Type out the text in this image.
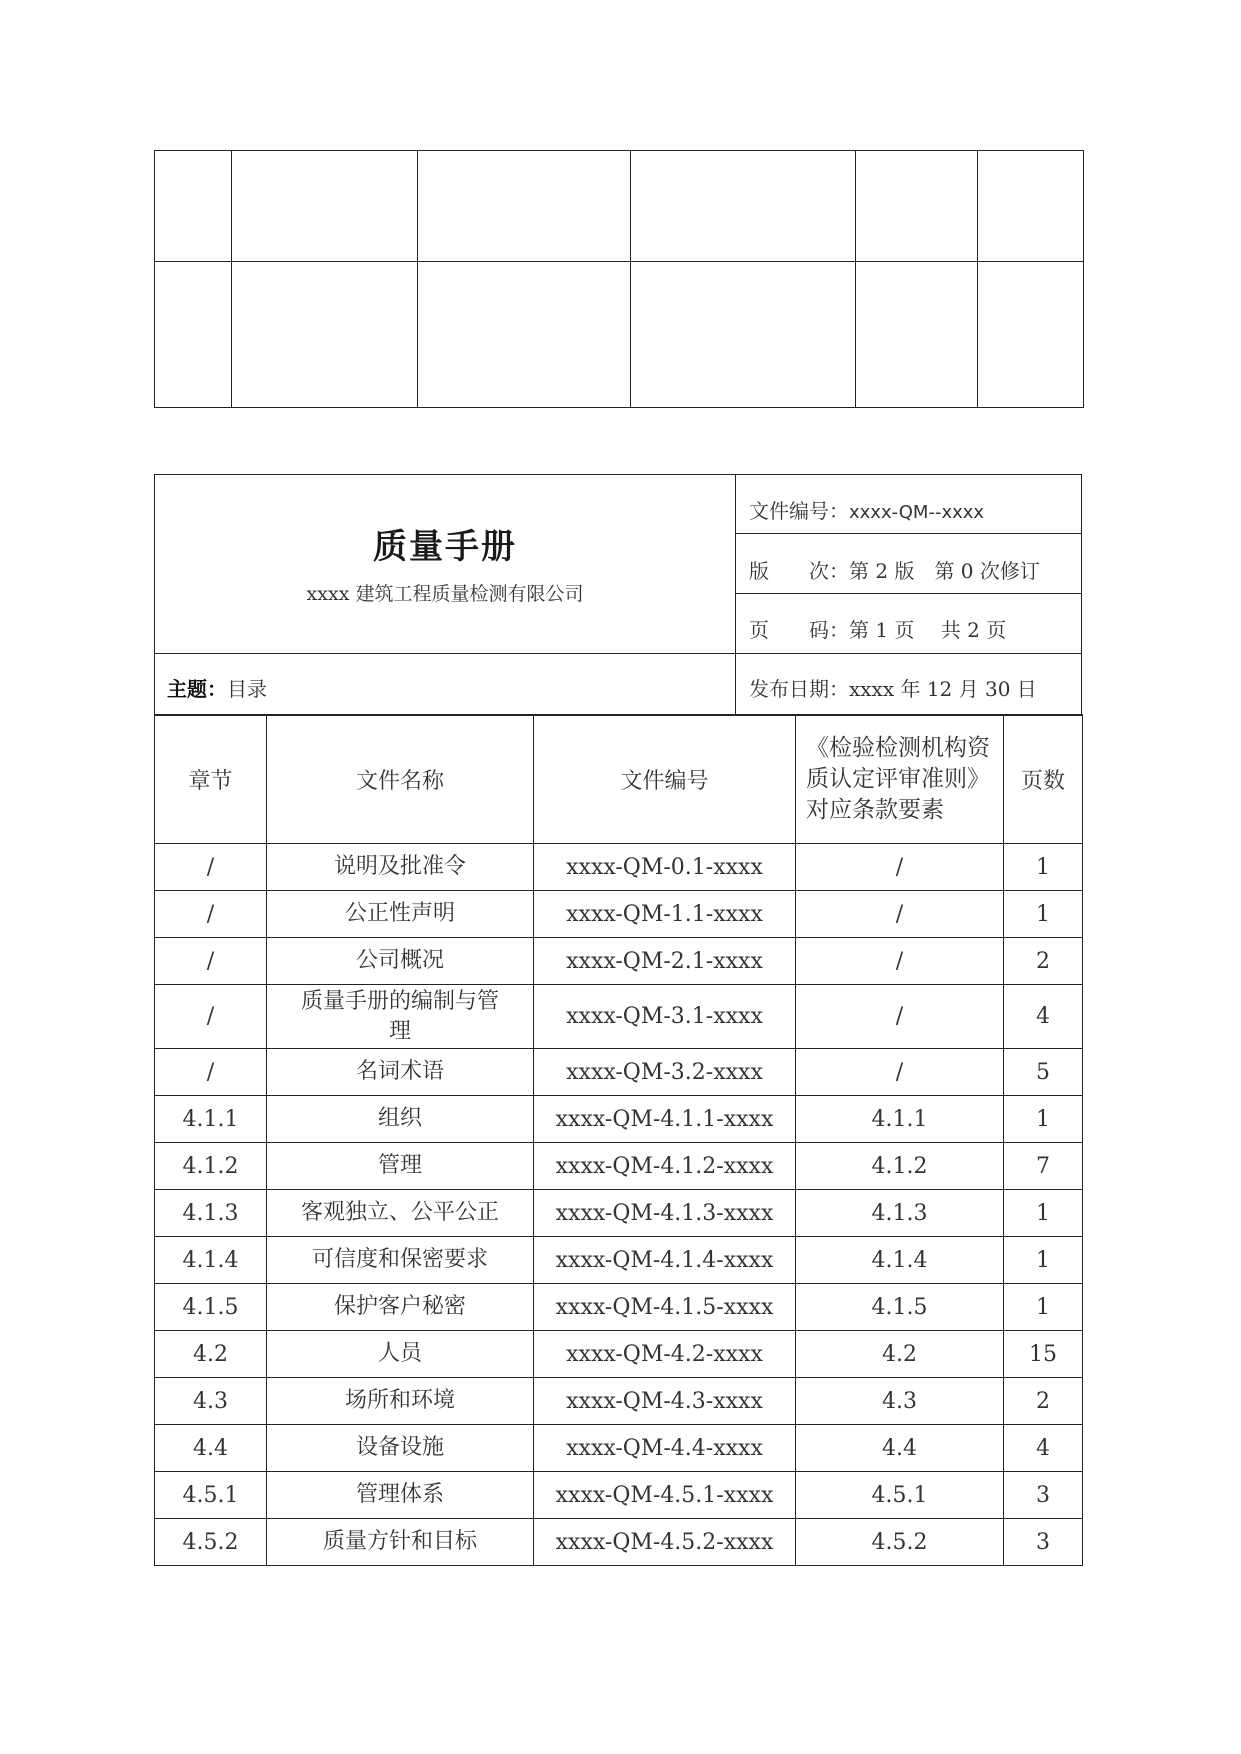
质量手册
xxxx 建筑工程质量检测有限公司
主题：目录
文件编号：xxxx-QM--xxxx
版　　次：第 2 版　第 0 次修订
页　　码：第 1 页　 共 2 页
发布日期：xxxx 年 12 月 30 日
章节	文件名称	文件编号	《检验检测机构资质认定评审准则》对应条款要素	页数
/	说明及批准令	xxxx-QM-0.1-xxxx	/	1
/	公正性声明	xxxx-QM-1.1-xxxx	/	1
/	公司概况	xxxx-QM-2.1-xxxx	/	2
/	质量手册的编制与管理	xxxx-QM-3.1-xxxx	/	4
/	名词术语	xxxx-QM-3.2-xxxx	/	5
4.1.1	组织	xxxx-QM-4.1.1-xxxx	4.1.1	1
4.1.2	管理	xxxx-QM-4.1.2-xxxx	4.1.2	7
4.1.3	客观独立、公平公正	xxxx-QM-4.1.3-xxxx	4.1.3	1
4.1.4	可信度和保密要求	xxxx-QM-4.1.4-xxxx	4.1.4	1
4.1.5	保护客户秘密	xxxx-QM-4.1.5-xxxx	4.1.5	1
4.2	人员	xxxx-QM-4.2-xxxx	4.2	15
4.3	场所和环境	xxxx-QM-4.3-xxxx	4.3	2
4.4	设备设施	xxxx-QM-4.4-xxxx	4.4	4
4.5.1	管理体系	xxxx-QM-4.5.1-xxxx	4.5.1	3
4.5.2	质量方针和目标	xxxx-QM-4.5.2-xxxx	4.5.2	3
